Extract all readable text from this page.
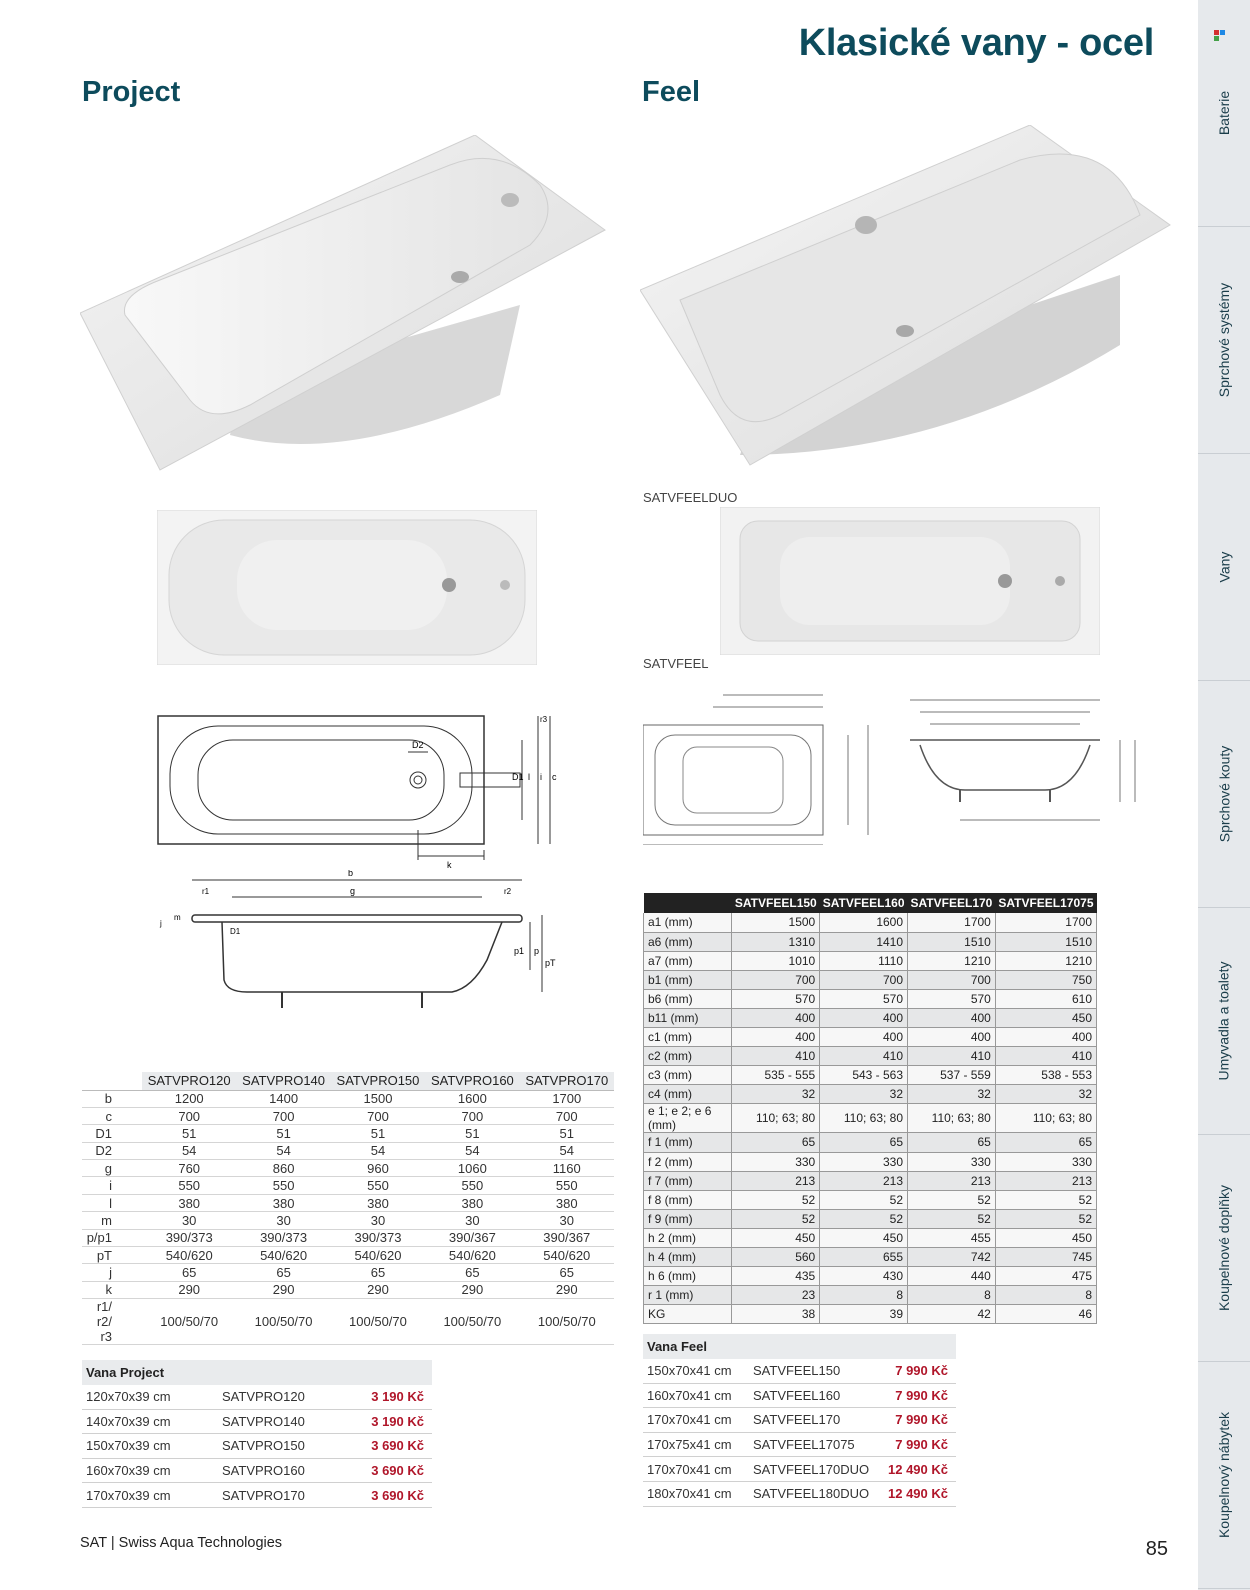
Klasické vany - ocel
Project	Feel
SATVFEELDUO
SATVFEEL
D2
D1 l i c
r3
k
b
g
r1	r2
p1 p
pT
m
j
D1
	SATVPRO120	SATVPRO140	SATVPRO150	SATVPRO160	SATVPRO170
b	1200	1400	1500	1600	1700
c	700	700	700	700	700
D1	51	51	51	51	51
D2	54	54	54	54	54
g	760	860	960	1060	1160
i	550	550	550	550	550
l	380	380	380	380	380
m	30	30	30	30	30
p/p1	390/373	390/373	390/373	390/367	390/367
pT	540/620	540/620	540/620	540/620	540/620
j	65	65	65	65	65
k	290	290	290	290	290
r1/ r2/ r3	100/50/70	100/50/70	100/50/70	100/50/70	100/50/70
	SATVFEEL150	SATVFEEL160	SATVFEEL170	SATVFEEL17075
a1 (mm)	1500	1600	1700	1700
a6 (mm)	1310	1410	1510	1510
a7 (mm)	1010	1110	1210	1210
b1 (mm)	700	700	700	750
b6 (mm)	570	570	570	610
b11 (mm)	400	400	400	450
c1 (mm)	400	400	400	400
c2 (mm)	410	410	410	410
c3 (mm)	535 - 555	543 - 563	537 - 559	538 - 553
c4 (mm)	32	32	32	32
e 1; e 2; e 6 (mm)	110; 63; 80	110; 63; 80	110; 63; 80	110; 63; 80
f 1 (mm)	65	65	65	65
f 2 (mm)	330	330	330	330
f 7 (mm)	213	213	213	213
f 8 (mm)	52	52	52	52
f 9 (mm)	52	52	52	52
h 2 (mm)	450	450	455	450
h 4 (mm)	560	655	742	745
h 6 (mm)	435	430	440	475
r 1 (mm)	23	8	8	8
KG	38	39	42	46
Vana Project
120x70x39 cm	SATVPRO120	3 190 Kč
140x70x39 cm	SATVPRO140	3 190 Kč
150x70x39 cm	SATVPRO150	3 690 Kč
160x70x39 cm	SATVPRO160	3 690 Kč
170x70x39 cm	SATVPRO170	3 690 Kč
Vana Feel
150x70x41 cm	SATVFEEL150	7 990 Kč
160x70x41 cm	SATVFEEL160	7 990 Kč
170x70x41 cm	SATVFEEL170	7 990 Kč
170x75x41 cm	SATVFEEL17075	7 990 Kč
170x70x41 cm	SATVFEEL170DUO	12 490 Kč
180x70x41 cm	SATVFEEL180DUO	12 490 Kč
SAT | Swiss Aqua Technologies	85
Baterie
Sprchové systémy
Vany
Sprchové kouty
Umyvadla a toalety
Koupelnové doplňky
Koupelnový nábytek
